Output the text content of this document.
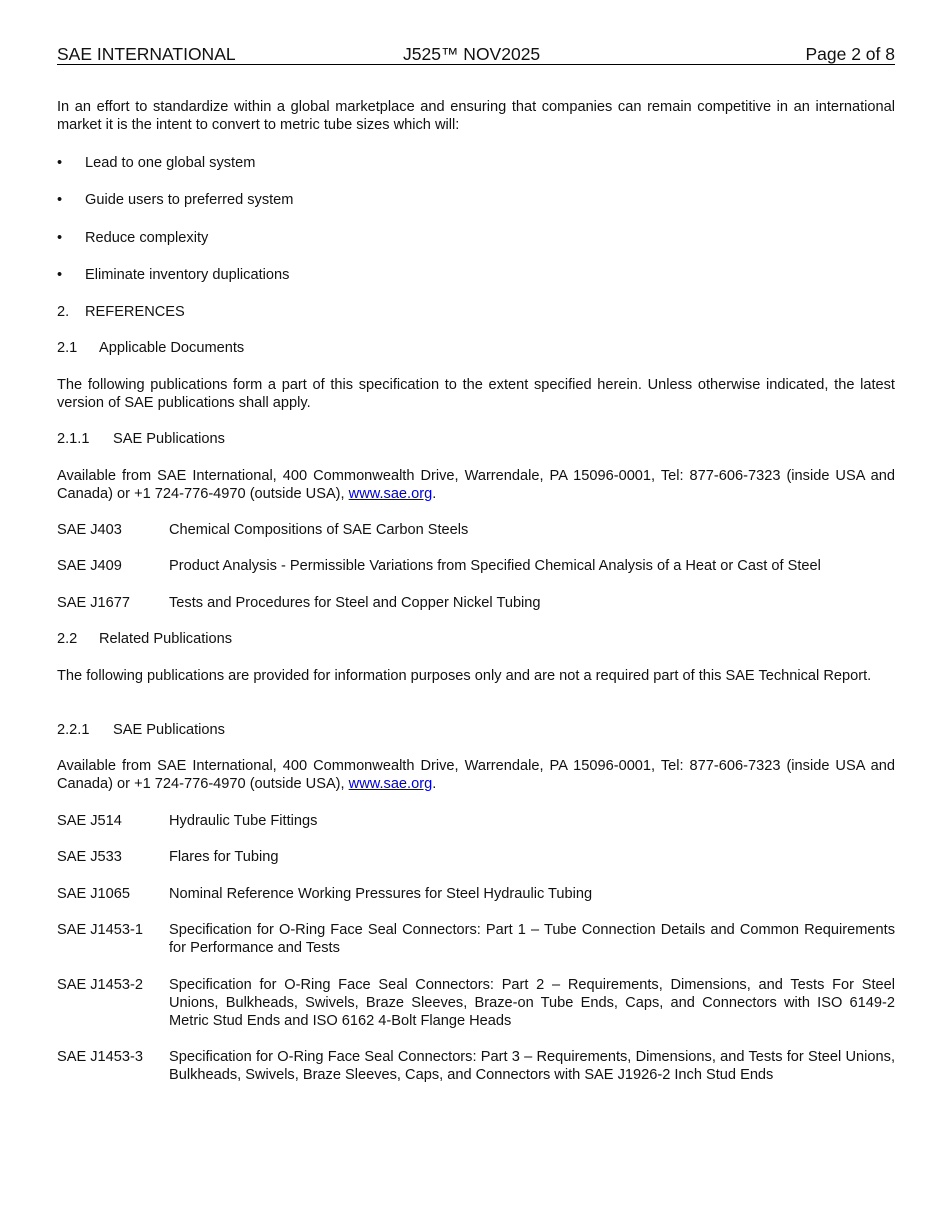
SAE INTERNATIONAL	J525™ NOV2025	Page 2 of 8
In an effort to standardize within a global marketplace and ensuring that companies can remain competitive in an international market it is the intent to convert to metric tube sizes which will:
• Lead to one global system
• Guide users to preferred system
• Reduce complexity
• Eliminate inventory duplications
2. REFERENCES
2.1 Applicable Documents
The following publications form a part of this specification to the extent specified herein. Unless otherwise indicated, the latest version of SAE publications shall apply.
2.1.1 SAE Publications
Available from SAE International, 400 Commonwealth Drive, Warrendale, PA 15096-0001, Tel: 877-606-7323 (inside USA and Canada) or +1 724-776-4970 (outside USA), www.sae.org.
SAE J403	Chemical Compositions of SAE Carbon Steels
SAE J409	Product Analysis - Permissible Variations from Specified Chemical Analysis of a Heat or Cast of Steel
SAE J1677	Tests and Procedures for Steel and Copper Nickel Tubing
2.2 Related Publications
The following publications are provided for information purposes only and are not a required part of this SAE Technical Report.
2.2.1 SAE Publications
Available from SAE International, 400 Commonwealth Drive, Warrendale, PA 15096-0001, Tel: 877-606-7323 (inside USA and Canada) or +1 724-776-4970 (outside USA), www.sae.org.
SAE J514	Hydraulic Tube Fittings
SAE J533	Flares for Tubing
SAE J1065	Nominal Reference Working Pressures for Steel Hydraulic Tubing
SAE J1453-1 Specification for O-Ring Face Seal Connectors: Part 1 – Tube Connection Details and Common Requirements for Performance and Tests
SAE J1453-2 Specification for O-Ring Face Seal Connectors: Part 2 – Requirements, Dimensions, and Tests For Steel Unions, Bulkheads, Swivels, Braze Sleeves, Braze-on Tube Ends, Caps, and Connectors with ISO 6149-2 Metric Stud Ends and ISO 6162 4-Bolt Flange Heads
SAE J1453-3 Specification for O-Ring Face Seal Connectors: Part 3 – Requirements, Dimensions, and Tests for Steel Unions, Bulkheads, Swivels, Braze Sleeves, Caps, and Connectors with SAE J1926-2 Inch Stud Ends
